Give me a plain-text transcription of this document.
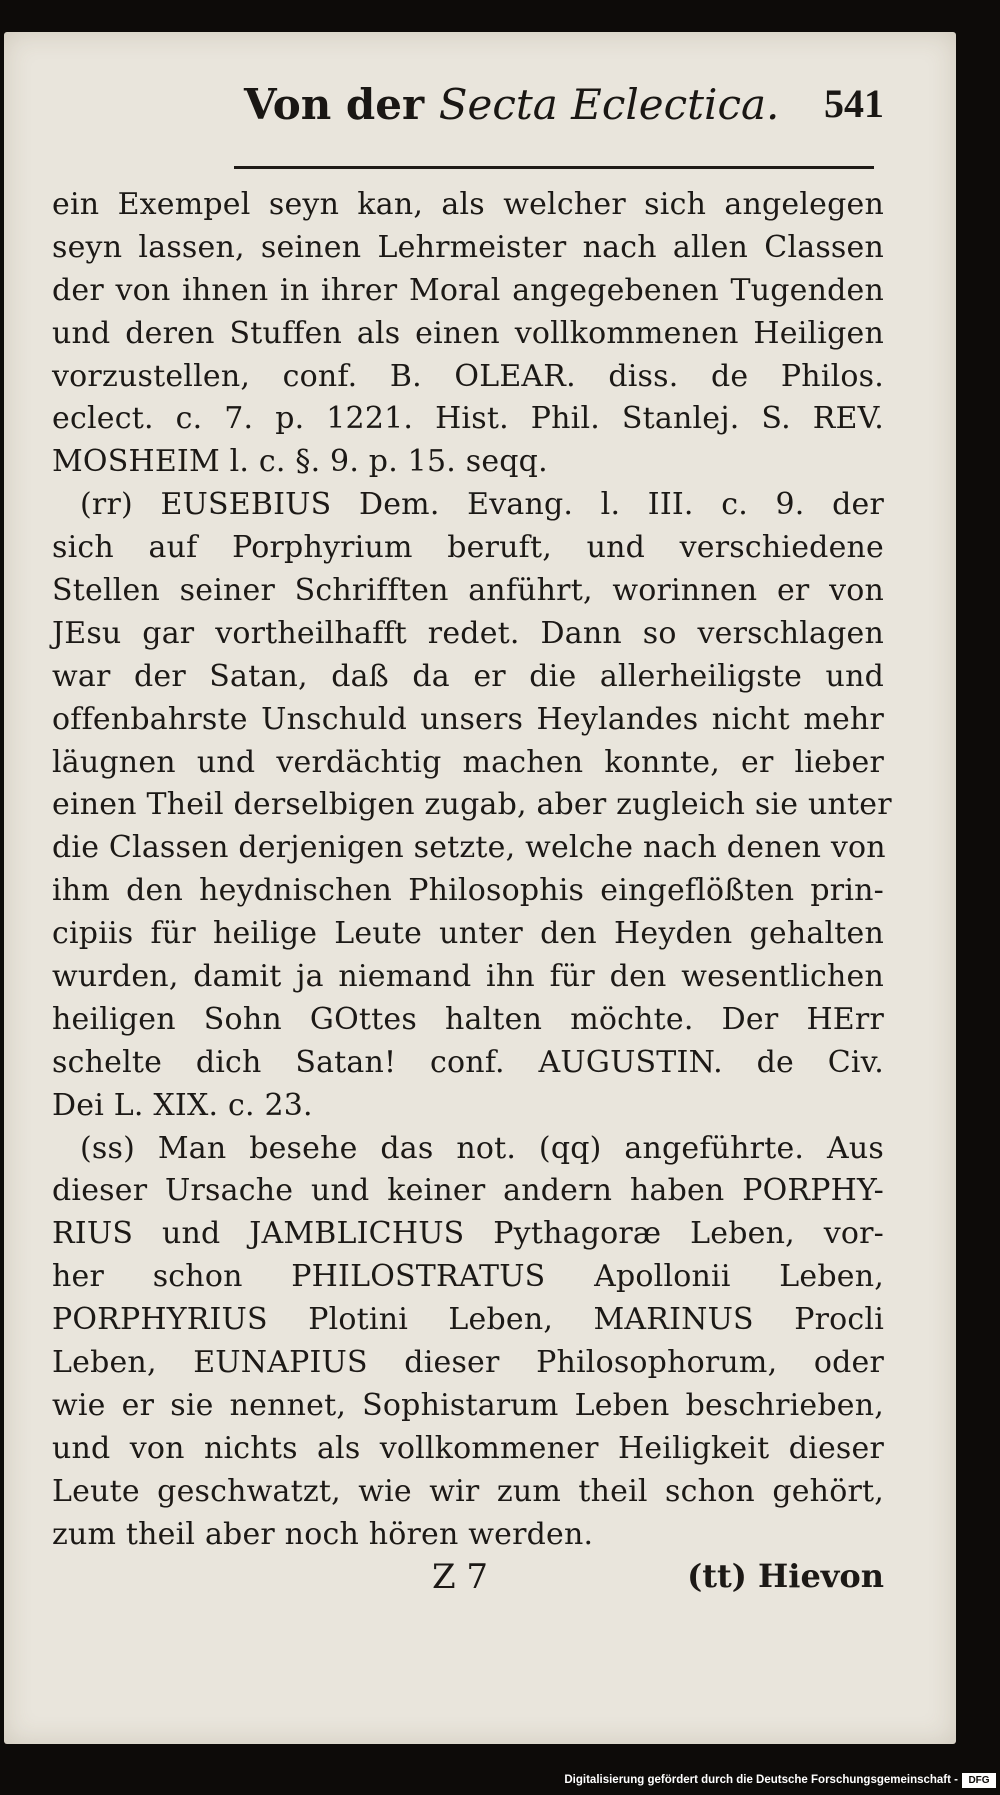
Von der Secta Eclectica. 541
ein Exempel seyn kan, als welcher sich angelegen
seyn lassen, seinen Lehrmeister nach allen Classen
der von ihnen in ihrer Moral angegebenen Tugenden
und deren Stuffen als einen vollkommenen Heiligen
vorzustellen, conf. B. OLEAR. diss. de Philos.
eclect. c. 7. p. 1221. Hist. Phil. Stanlej. S. REV.
MOSHEIM l. c. §. 9. p. 15. seqq.
(rr) EUSEBIUS Dem. Evang. l. III. c. 9. der
sich auf Porphyrium beruft, und verschiedene
Stellen seiner Schrifften anführt, worinnen er von
JEsu gar vortheilhafft redet. Dann so verschlagen
war der Satan, daß da er die allerheiligste und
offenbahrste Unschuld unsers Heylandes nicht mehr
läugnen und verdächtig machen konnte, er lieber
einen Theil derselbigen zugab, aber zugleich sie unter
die Classen derjenigen setzte, welche nach denen von
ihm den heydnischen Philosophis eingeflößten prin-
cipiis für heilige Leute unter den Heyden gehalten
wurden, damit ja niemand ihn für den wesentlichen
heiligen Sohn GOttes halten möchte. Der HErr
schelte dich Satan! conf. AUGUSTIN. de Civ.
Dei L. XIX. c. 23.
(ss) Man besehe das not. (qq) angeführte. Aus
dieser Ursache und keiner andern haben PORPHY-
RIUS und JAMBLICHUS Pythagoræ Leben, vor-
her schon PHILOSTRATUS Apollonii Leben,
PORPHYRIUS Plotini Leben, MARINUS Procli
Leben, EUNAPIUS dieser Philosophorum, oder
wie er sie nennet, Sophistarum Leben beschrieben,
und von nichts als vollkommener Heiligkeit dieser
Leute geschwatzt, wie wir zum theil schon gehört,
zum theil aber noch hören werden.
Z 7	(tt) Hievon
Digitalisierung gefördert durch die Deutsche Forschungsgemeinschaft -	DFG
